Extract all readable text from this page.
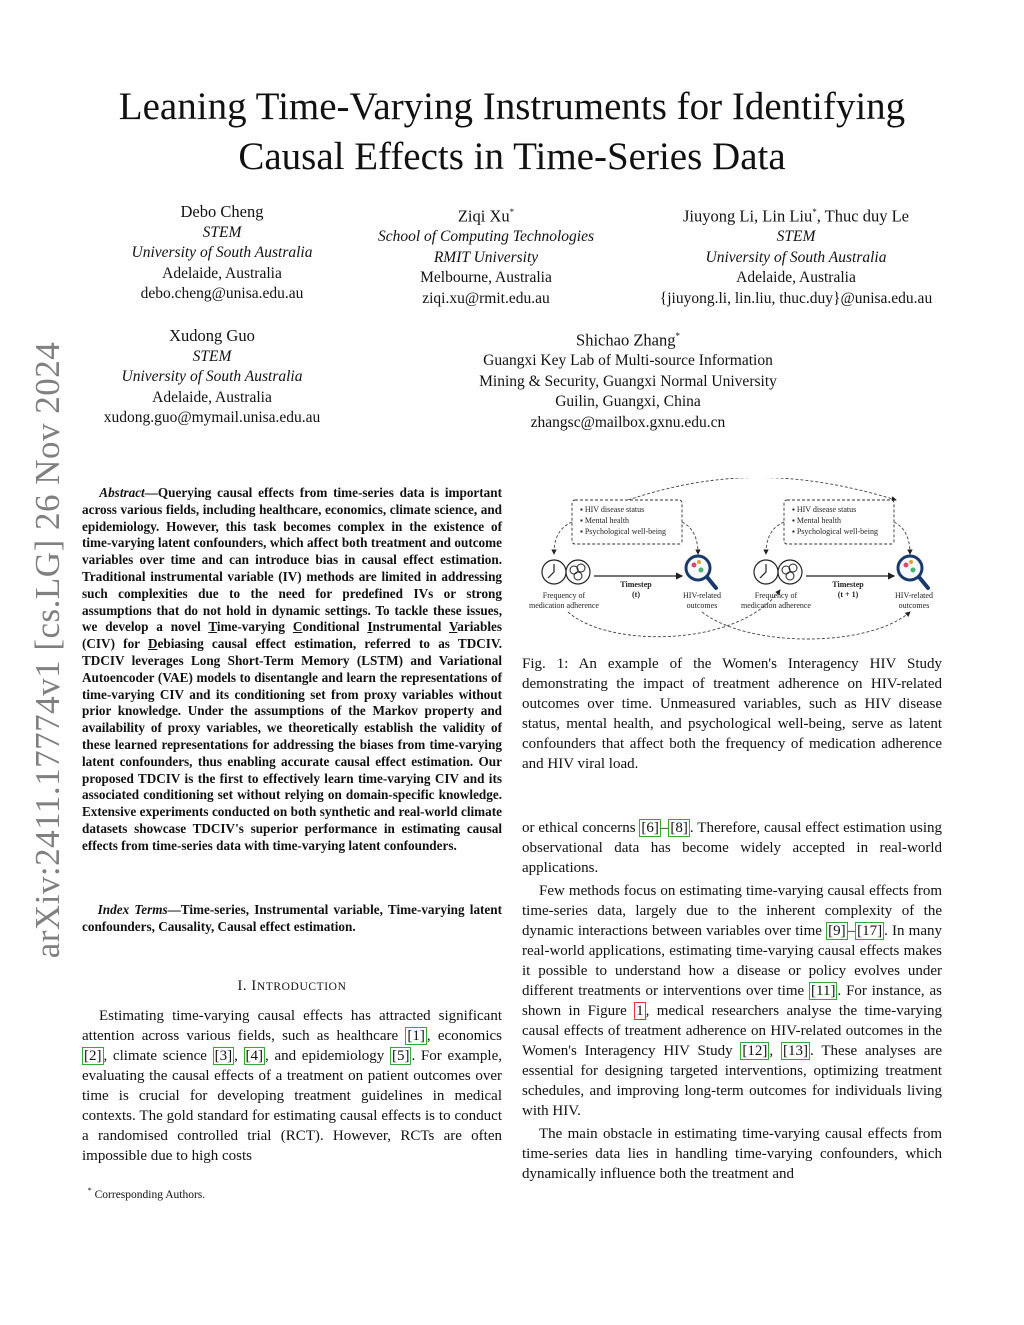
arXiv:2411.17774v1 [cs.LG] 26 Nov 2024
Leaning Time-Varying Instruments for Identifying
Causal Effects in Time-Series Data
Debo Cheng
STEM
University of South Australia
Adelaide, Australia
debo.cheng@unisa.edu.au
Ziqi Xu*
School of Computing Technologies
RMIT University
Melbourne, Australia
ziqi.xu@rmit.edu.au
Jiuyong Li, Lin Liu*, Thuc duy Le
STEM
University of South Australia
Adelaide, Australia
{jiuyong.li, lin.liu, thuc.duy}@unisa.edu.au
Xudong Guo
STEM
University of South Australia
Adelaide, Australia
xudong.guo@mymail.unisa.edu.au
Shichao Zhang*
Guangxi Key Lab of Multi-source Information
Mining & Security, Guangxi Normal University
Guilin, Guangxi, China
zhangsc@mailbox.gxnu.edu.cn
Abstract—Querying causal effects from time-series data is important across various fields, including healthcare, economics, climate science, and epidemiology. However, this task becomes complex in the existence of time-varying latent confounders, which affect both treatment and outcome variables over time and can introduce bias in causal effect estimation. Traditional instrumental variable (IV) methods are limited in addressing such complexities due to the need for predefined IVs or strong assumptions that do not hold in dynamic settings. To tackle these issues, we develop a novel Time-varying Conditional Instrumental Variables (CIV) for Debiasing causal effect estimation, referred to as TDCIV. TDCIV leverages Long Short-Term Memory (LSTM) and Variational Autoencoder (VAE) models to disentangle and learn the representations of time-varying CIV and its conditioning set from proxy variables without prior knowledge. Under the assumptions of the Markov property and availability of proxy variables, we theoretically establish the validity of these learned representations for addressing the biases from time-varying latent confounders, thus enabling accurate causal effect estimation. Our proposed TDCIV is the first to effectively learn time-varying CIV and its associated conditioning set without relying on domain-specific knowledge. Extensive experiments conducted on both synthetic and real-world climate datasets showcase TDCIV's superior performance in estimating causal effects from time-series data with time-varying latent confounders.
Index Terms—Time-series, Instrumental variable, Time-varying latent confounders, Causality, Causal effect estimation.
I. INTRODUCTION

Estimating time-varying causal effects has attracted significant attention across various fields, such as healthcare [1] , economics [2] , climate science [3] , [4] , and epidemiology [5] . For example, evaluating the causal effects of a treatment on patient outcomes over time is crucial for developing treatment guidelines in medical contexts. The gold standard for estimating causal effects is to conduct a randomised controlled trial (RCT). However, RCTs are often impossible due to high costs

* Corresponding Authors.
▪ HIV disease status
▪ Mental health
▪ Psychological well-being
▪ HIV disease status
▪ Mental health
▪ Psychological well-being
Frequency of
medication adherence
HIV-related
outcomes
Frequency of
medication adherence
HIV-related
outcomes
Timestep
(t)
Timestep
(t + 1)
Fig. 1: An example of the Women's Interagency HIV Study demonstrating the impact of treatment adherence on HIV-related outcomes over time. Unmeasured variables, such as HIV disease status, mental health, and psychological well-being, serve as latent confounders that affect both the frequency of medication adherence and HIV viral load.

or ethical concerns [6] – [8] . Therefore, causal effect estimation using observational data has become widely accepted in real-world applications.

Few methods focus on estimating time-varying causal effects from time-series data, largely due to the inherent complexity of the dynamic interactions between variables over time [9] – [17] . In many real-world applications, estimating time-varying causal effects makes it possible to understand how a disease or policy evolves under different treatments or interventions over time [11] . For instance, as shown in Figure 1 , medical researchers analyse the time-varying causal effects of treatment adherence on HIV-related outcomes in the Women's Interagency HIV Study [12] , [13] . These analyses are essential for designing targeted interventions, optimizing treatment schedules, and improving long-term outcomes for individuals living with HIV.

The main obstacle in estimating time-varying causal effects from time-series data lies in handling time-varying confounders, which dynamically influence both the treatment and
